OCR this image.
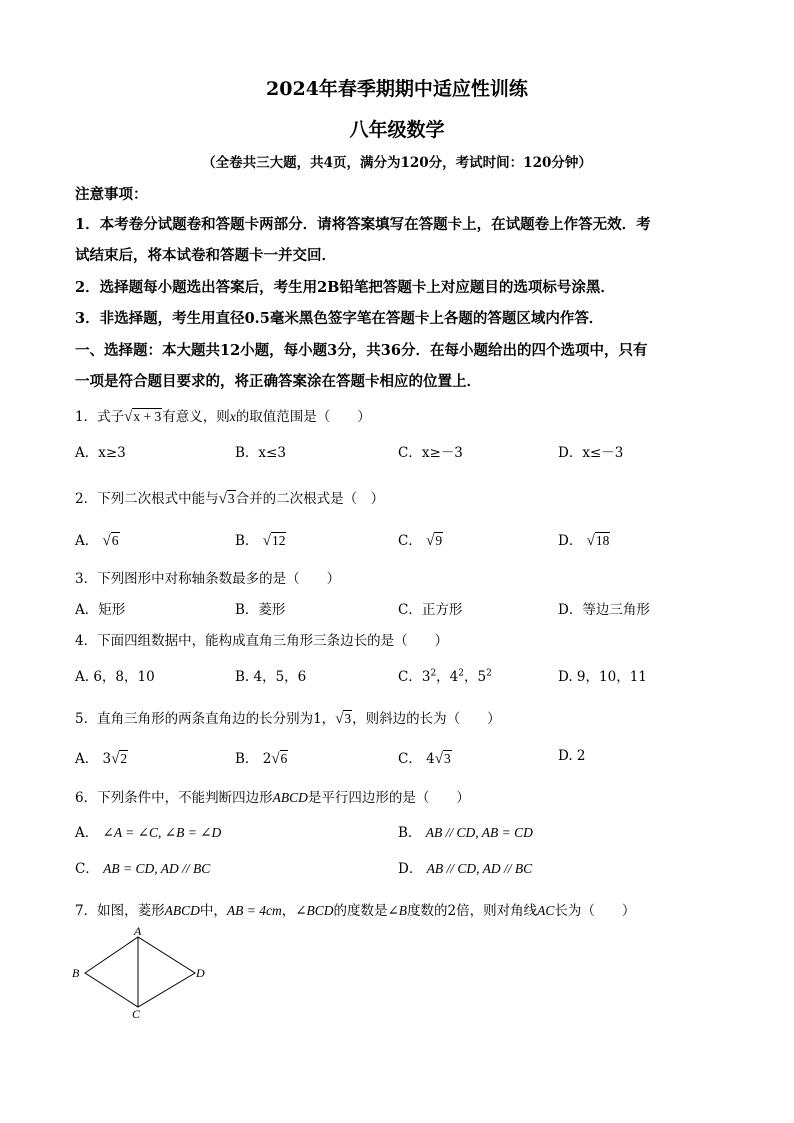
2024年春季期期中适应性训练
八年级数学
（全卷共三大题，共4页，满分为120分，考试时间：120分钟）
注意事项：
1．本考卷分试题卷和答题卡两部分．请将答案填写在答题卡上，在试题卷上作答无效．考
试结束后，将本试卷和答题卡一并交回．
2．选择题每小题选出答案后，考生用2B铅笔把答题卡上对应题目的选项标号涂黑．
3．非选择题，考生用直径0.5毫米黑色签字笔在答题卡上各题的答题区域内作答．
一、选择题：本大题共12小题，每小题3分，共36分．在每小题给出的四个选项中，只有
一项是符合题目要求的，将正确答案涂在答题卡相应的位置上．
1．式子√x + 3有意义，则x的取值范围是（　　）
A．x≥3	B．x≤3	C．x≥－3	D．x≤－3
2．下列二次根式中能与√3合并的二次根式是（　）
A． √6	B． √12	C． √9	D． √18
3．下列图形中对称轴条数最多的是（　　）
A．矩形	B．菱形	C．正方形	D．等边三角形
4．下面四组数据中，能构成直角三角形三条边长的是（　　）
A. 6，8，10	B. 4，5，6	C．$3^2$，$4^2$，$5^2$	D. 9，10，11
5．直角三角形的两条直角边的长分别为1，√3，则斜边的长为（　　）
A． 3√2	B． 2√6	C． 4√3	D. 2
6．下列条件中，不能判断四边形ABCD是平行四边形的是（　　）
A． ∠A = ∠C, ∠B = ∠D	B． AB // CD, AB = CD
C． AB = CD, AD // BC	D． AB // CD, AD // BC
7．如图，菱形ABCD中，AB = 4cm，∠BCD的度数是∠B度数的2倍，则对角线AC长为（　　）
A
B
C
D
